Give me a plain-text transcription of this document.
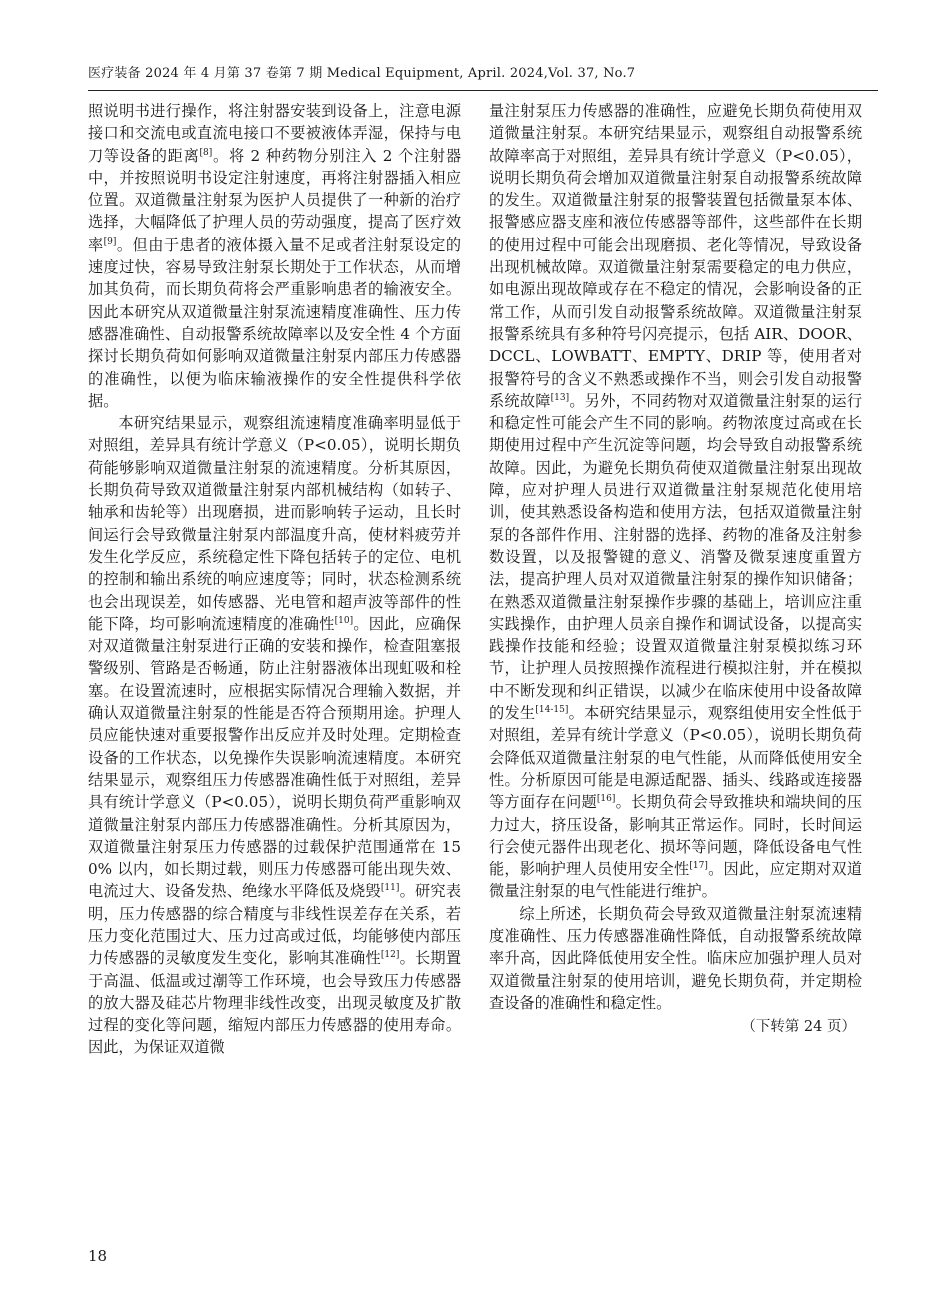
医疗装备 2024 年 4 月第 37 卷第 7 期 Medical Equipment, April. 2024,Vol. 37, No.7

照说明书进行操作，将注射器安装到设备上，注意电源接口和交流电或直流电接口不要被液体弄湿，保持与电刀等设备的距离[8]。将 2 种药物分别注入 2 个注射器中，并按照说明书设定注射速度，再将注射器插入相应位置。双道微量注射泵为医护人员提供了一种新的治疗选择，大幅降低了护理人员的劳动强度，提高了医疗效率[9]。但由于患者的液体摄入量不足或者注射泵设定的速度过快，容易导致注射泵长期处于工作状态，从而增加其负荷，而长期负荷将会严重影响患者的输液安全。因此本研究从双道微量注射泵流速精度准确性、压力传感器准确性、自动报警系统故障率以及安全性 4 个方面探讨长期负荷如何影响双道微量注射泵内部压力传感器的准确性，以便为临床输液操作的安全性提供科学依据。

本研究结果显示，观察组流速精度准确率明显低于对照组，差异具有统计学意义（P<0.05），说明长期负荷能够影响双道微量注射泵的流速精度。分析其原因，长期负荷导致双道微量注射泵内部机械结构（如转子、轴承和齿轮等）出现磨损，进而影响转子运动，且长时间运行会导致微量注射泵内部温度升高，使材料疲劳并发生化学反应，系统稳定性下降包括转子的定位、电机的控制和输出系统的响应速度等；同时，状态检测系统也会出现误差，如传感器、光电管和超声波等部件的性能下降，均可影响流速精度的准确性[10]。因此，应确保对双道微量注射泵进行正确的安装和操作，检查阻塞报警级别、管路是否畅通，防止注射器液体出现虹吸和栓塞。在设置流速时，应根据实际情况合理输入数据，并确认双道微量注射泵的性能是否符合预期用途。护理人员应能快速对重要报警作出反应并及时处理。定期检查设备的工作状态，以免操作失误影响流速精度。本研究结果显示，观察组压力传感器准确性低于对照组，差异具有统计学意义（P<0.05），说明长期负荷严重影响双道微量注射泵内部压力传感器准确性。分析其原因为，双道微量注射泵压力传感器的过载保护范围通常在 150% 以内，如长期过载，则压力传感器可能出现失效、电流过大、设备发热、绝缘水平降低及烧毁[11]。研究表明，压力传感器的综合精度与非线性误差存在关系，若压力变化范围过大、压力过高或过低，均能够使内部压力传感器的灵敏度发生变化，影响其准确性[12]。长期置于高温、低温或过潮等工作环境，也会导致压力传感器的放大器及硅芯片物理非线性改变，出现灵敏度及扩散过程的变化等问题，缩短内部压力传感器的使用寿命。因此，为保证双道微

量注射泵压力传感器的准确性，应避免长期负荷使用双道微量注射泵。本研究结果显示，观察组自动报警系统故障率高于对照组，差异具有统计学意义（P<0.05），说明长期负荷会增加双道微量注射泵自动报警系统故障的发生。双道微量注射泵的报警装置包括微量泵本体、报警感应器支座和液位传感器等部件，这些部件在长期的使用过程中可能会出现磨损、老化等情况，导致设备出现机械故障。双道微量注射泵需要稳定的电力供应，如电源出现故障或存在不稳定的情况，会影响设备的正常工作，从而引发自动报警系统故障。双道微量注射泵报警系统具有多种符号闪亮提示，包括 AIR、DOOR、DCCL、LOWBATT、EMPTY、DRIP 等，使用者对报警符号的含义不熟悉或操作不当，则会引发自动报警系统故障[13]。另外，不同药物对双道微量注射泵的运行和稳定性可能会产生不同的影响。药物浓度过高或在长期使用过程中产生沉淀等问题，均会导致自动报警系统故障。因此，为避免长期负荷使双道微量注射泵出现故障，应对护理人员进行双道微量注射泵规范化使用培训，使其熟悉设备构造和使用方法，包括双道微量注射泵的各部件作用、注射器的选择、药物的准备及注射参数设置，以及报警键的意义、消警及微泵速度重置方法，提高护理人员对双道微量注射泵的操作知识储备；在熟悉双道微量注射泵操作步骤的基础上，培训应注重实践操作，由护理人员亲自操作和调试设备，以提高实践操作技能和经验；设置双道微量注射泵模拟练习环节，让护理人员按照操作流程进行模拟注射，并在模拟中不断发现和纠正错误，以减少在临床使用中设备故障的发生[14-15]。本研究结果显示，观察组使用安全性低于对照组，差异有统计学意义（P<0.05），说明长期负荷会降低双道微量注射泵的电气性能，从而降低使用安全性。分析原因可能是电源适配器、插头、线路或连接器等方面存在问题[16]。长期负荷会导致推块和端块间的压力过大，挤压设备，影响其正常运作。同时，长时间运行会使元器件出现老化、损坏等问题，降低设备电气性能，影响护理人员使用安全性[17]。因此，应定期对双道微量注射泵的电气性能进行维护。

综上所述，长期负荷会导致双道微量注射泵流速精度准确性、压力传感器准确性降低，自动报警系统故障率升高，因此降低使用安全性。临床应加强护理人员对双道微量注射泵的使用培训，避免长期负荷，并定期检查设备的准确性和稳定性。

（下转第 24 页）

18
